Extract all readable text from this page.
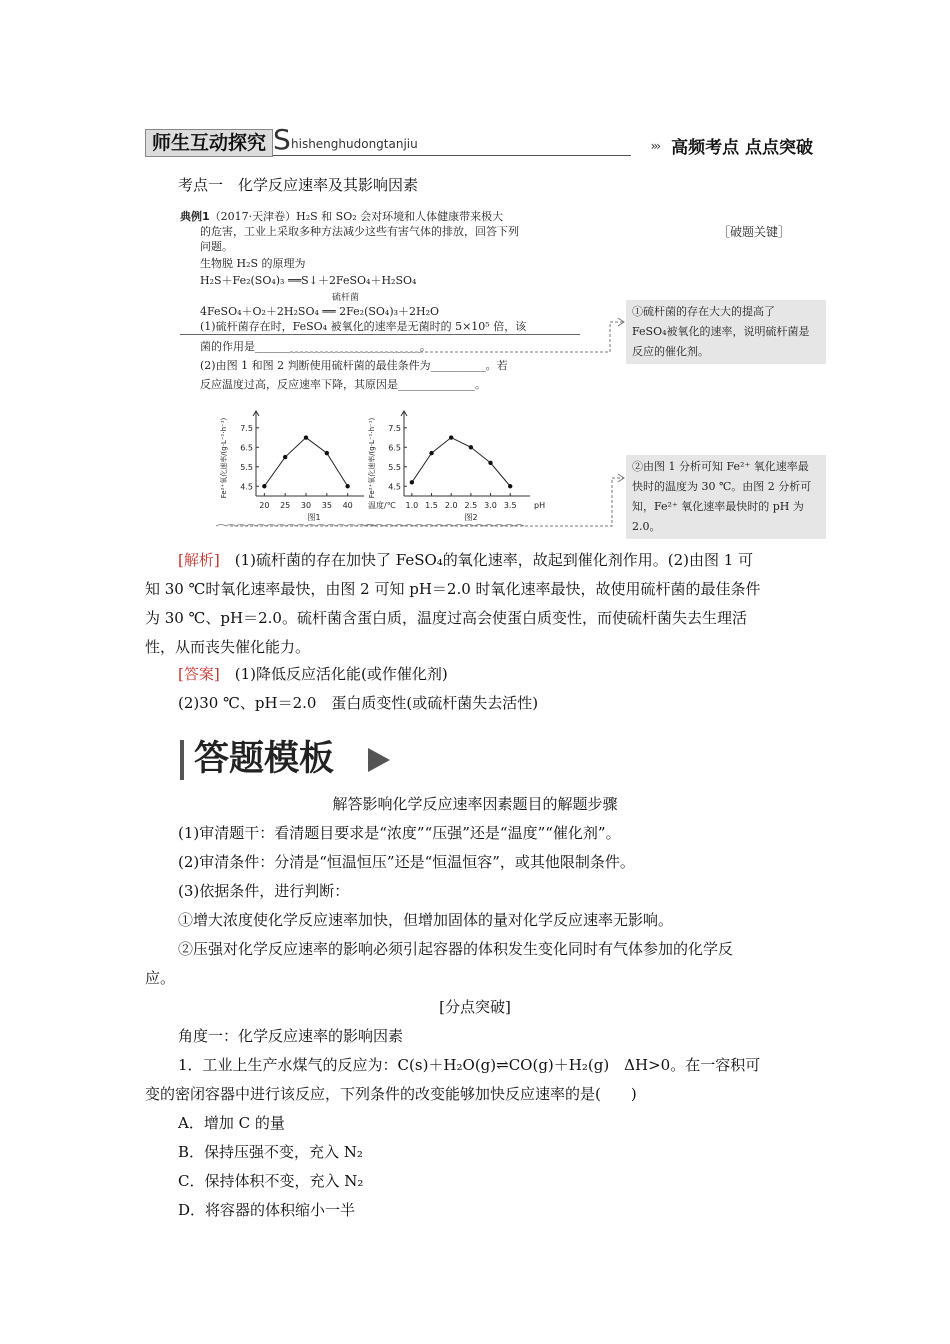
师生互动探究 S hishenghudongtanjiu	››› 高频考点 点点突破
考点一　化学反应速率及其影响因素
典例1（2017·天津卷）H₂S 和 SO₂ 会对环境和人体健康带来极大
的危害，工业上采取多种方法减少这些有害气体的排放，回答下列
问题。
生物脱 H₂S 的原理为
H₂S＋Fe₂(SO₄)₃ ══S↓＋2FeSO₄＋H₂SO₄
硫杆菌
4FeSO₄＋O₂＋2H₂SO₄ ══ 2Fe₂(SO₄)₃＋2H₂O
(1)硫杆菌存在时，FeSO₄ 被氧化的速率是无菌时的 5×10⁵ 倍，该
菌的作用是______________________________。
(2)由图 1 和图 2 判断使用硫杆菌的最佳条件为__________。若
反应温度过高，反应速率下降，其原因是______________。
［破题关键］
①硫杆菌的存在大大的提高了
FeSO₄被氧化的速率，说明硫杆菌是
反应的催化剂。
②由图 1 分析可知 Fe²⁺ 氧化速率最
快时的温度为 30 ℃。由图 2 分析可
知，Fe²⁺ 氧化速率最快时的 pH 为
2.0。
4.5
5.5
6.5
7.5
20 25 30 35 40 温度/℃
Fe²⁺氧化速率/(g·L⁻¹·h⁻¹)
图1
4.5
5.5
6.5
7.5
1.0 1.5 2.0 2.5 3.0 3.5 pH
Fe²⁺氧化速率/(g·L⁻¹·h⁻¹)
图2
[解析]　(1)硫杆菌的存在加快了 FeSO₄的氧化速率，故起到催化剂作用。(2)由图 1 可
知 30 ℃时氧化速率最快，由图 2 可知 pH＝2.0 时氧化速率最快，故使用硫杆菌的最佳条件
为 30 ℃、pH＝2.0。硫杆菌含蛋白质，温度过高会使蛋白质变性，而使硫杆菌失去生理活
性，从而丧失催化能力。
[答案]　(1)降低反应活化能(或作催化剂)
(2)30 ℃、pH＝2.0　蛋白质变性(或硫杆菌失去活性)
答题模板
解答影响化学反应速率因素题目的解题步骤
(1)审清题干：看清题目要求是“浓度”“压强”还是“温度”“催化剂”。
(2)审清条件：分清是“恒温恒压”还是“恒温恒容”，或其他限制条件。
(3)依据条件，进行判断：
①增大浓度使化学反应速率加快，但增加固体的量对化学反应速率无影响。
②压强对化学反应速率的影响必须引起容器的体积发生变化同时有气体参加的化学反
应。
[分点突破]
角度一：化学反应速率的影响因素
1．工业上生产水煤气的反应为：C(s)＋H₂O(g)⇌CO(g)＋H₂(g)　ΔH>0。在一容积可
变的密闭容器中进行该反应，下列条件的改变能够加快反应速率的是(　　)
A．增加 C 的量
B．保持压强不变，充入 N₂
C．保持体积不变，充入 N₂
D．将容器的体积缩小一半
